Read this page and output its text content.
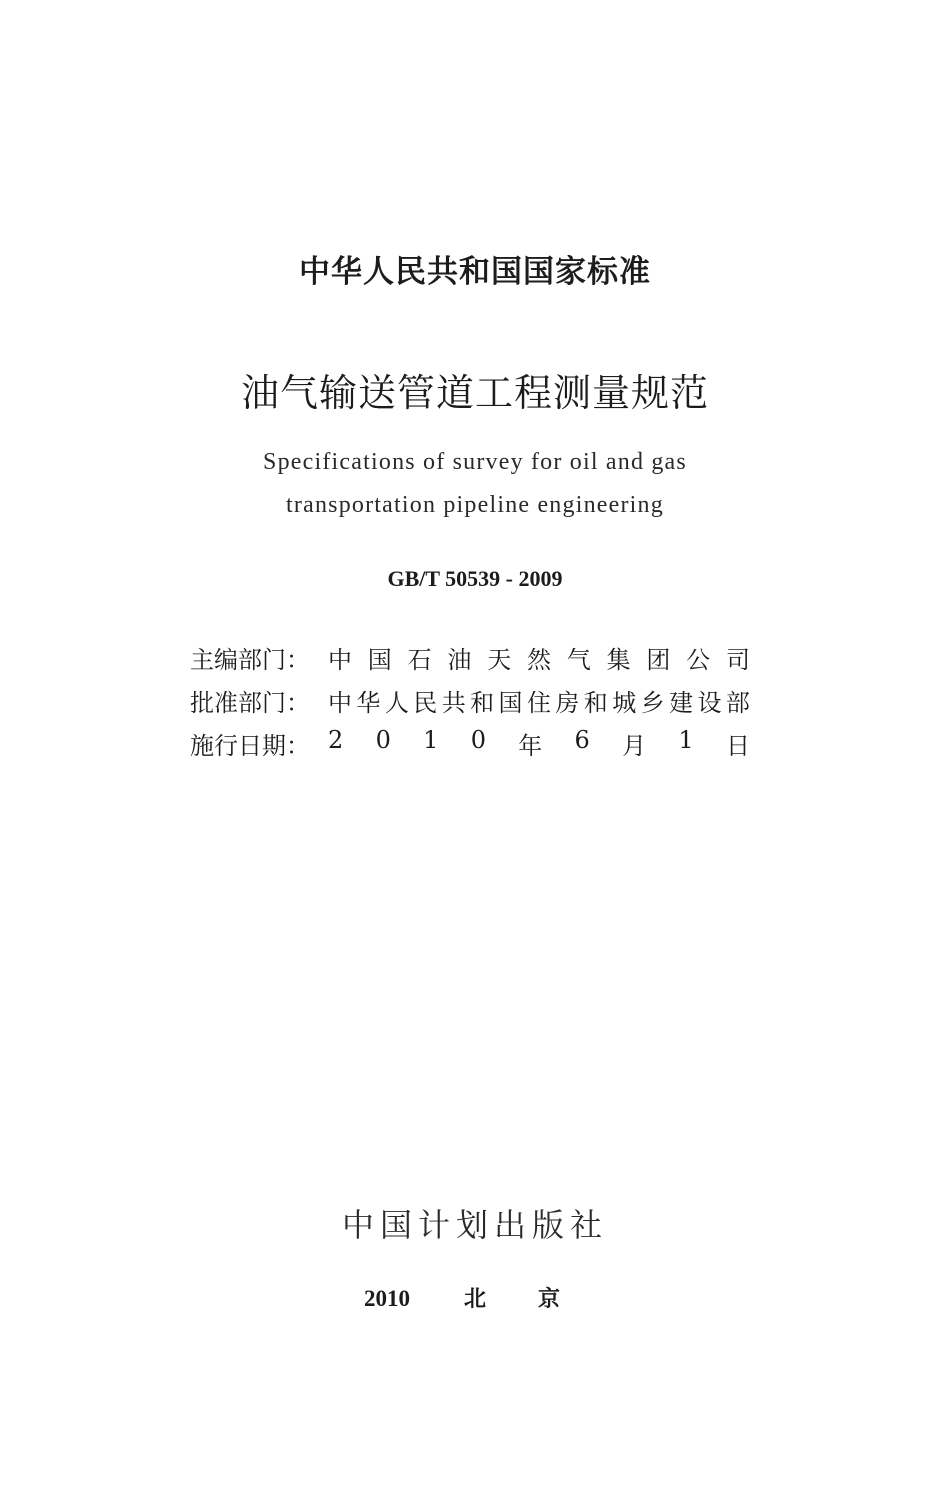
中华人民共和国国家标准
油气输送管道工程测量规范
Specifications of survey for oil and gas
transportation pipeline engineering
GB/T 50539 - 2009
主编部门： 中 国 石 油 天 然 气 集 团 公 司
批准部门： 中 华 人 民 共 和 国 住 房 和 城 乡 建 设 部
施行日期： 2 0 1 0 年 6 月 1 日
中国计划出版社
2010 北 京
